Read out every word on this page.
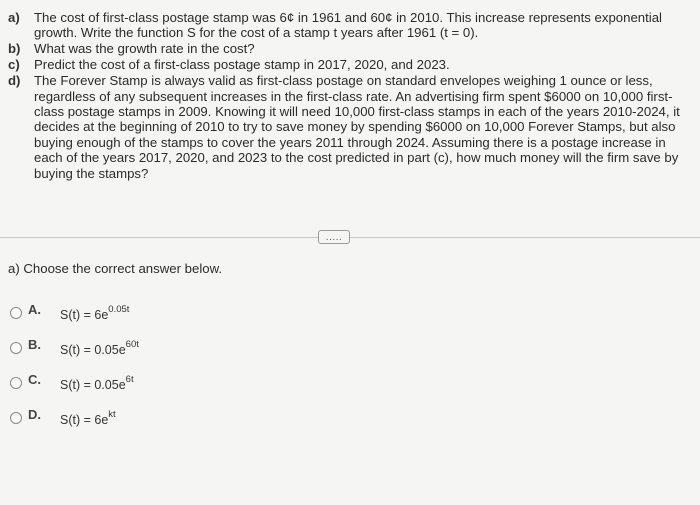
a)	The cost of first-class postage stamp was 6¢ in 1961 and 60¢ in 2010. This increase represents exponential growth. Write the function S for the cost of a stamp t years after 1961 (t = 0).
b)	What was the growth rate in the cost?
c)	Predict the cost of a first-class postage stamp in 2017, 2020, and 2023.
d)	The Forever Stamp is always valid as first-class postage on standard envelopes weighing 1 ounce or less, regardless of any subsequent increases in the first-class rate. An advertising firm spent $6000 on 10,000 first-class postage stamps in 2009. Knowing it will need 10,000 first-class stamps in each of the years 2010-2024, it decides at the beginning of 2010 to try to save money by spending $6000 on 10,000 Forever Stamps, but also buying enough of the stamps to cover the years 2011 through 2024. Assuming there is a postage increase in each of the years 2017, 2020, and 2023 to the cost predicted in part (c), how much money will the firm save by buying the stamps?
.....
a) Choose the correct answer below.
A.	$S(t) = 6e^{0.05t}$
B.	$S(t) = 0.05e^{60t}$
C.	$S(t) = 0.05e^{6t}$
D.	$S(t) = 6e^{kt}$
